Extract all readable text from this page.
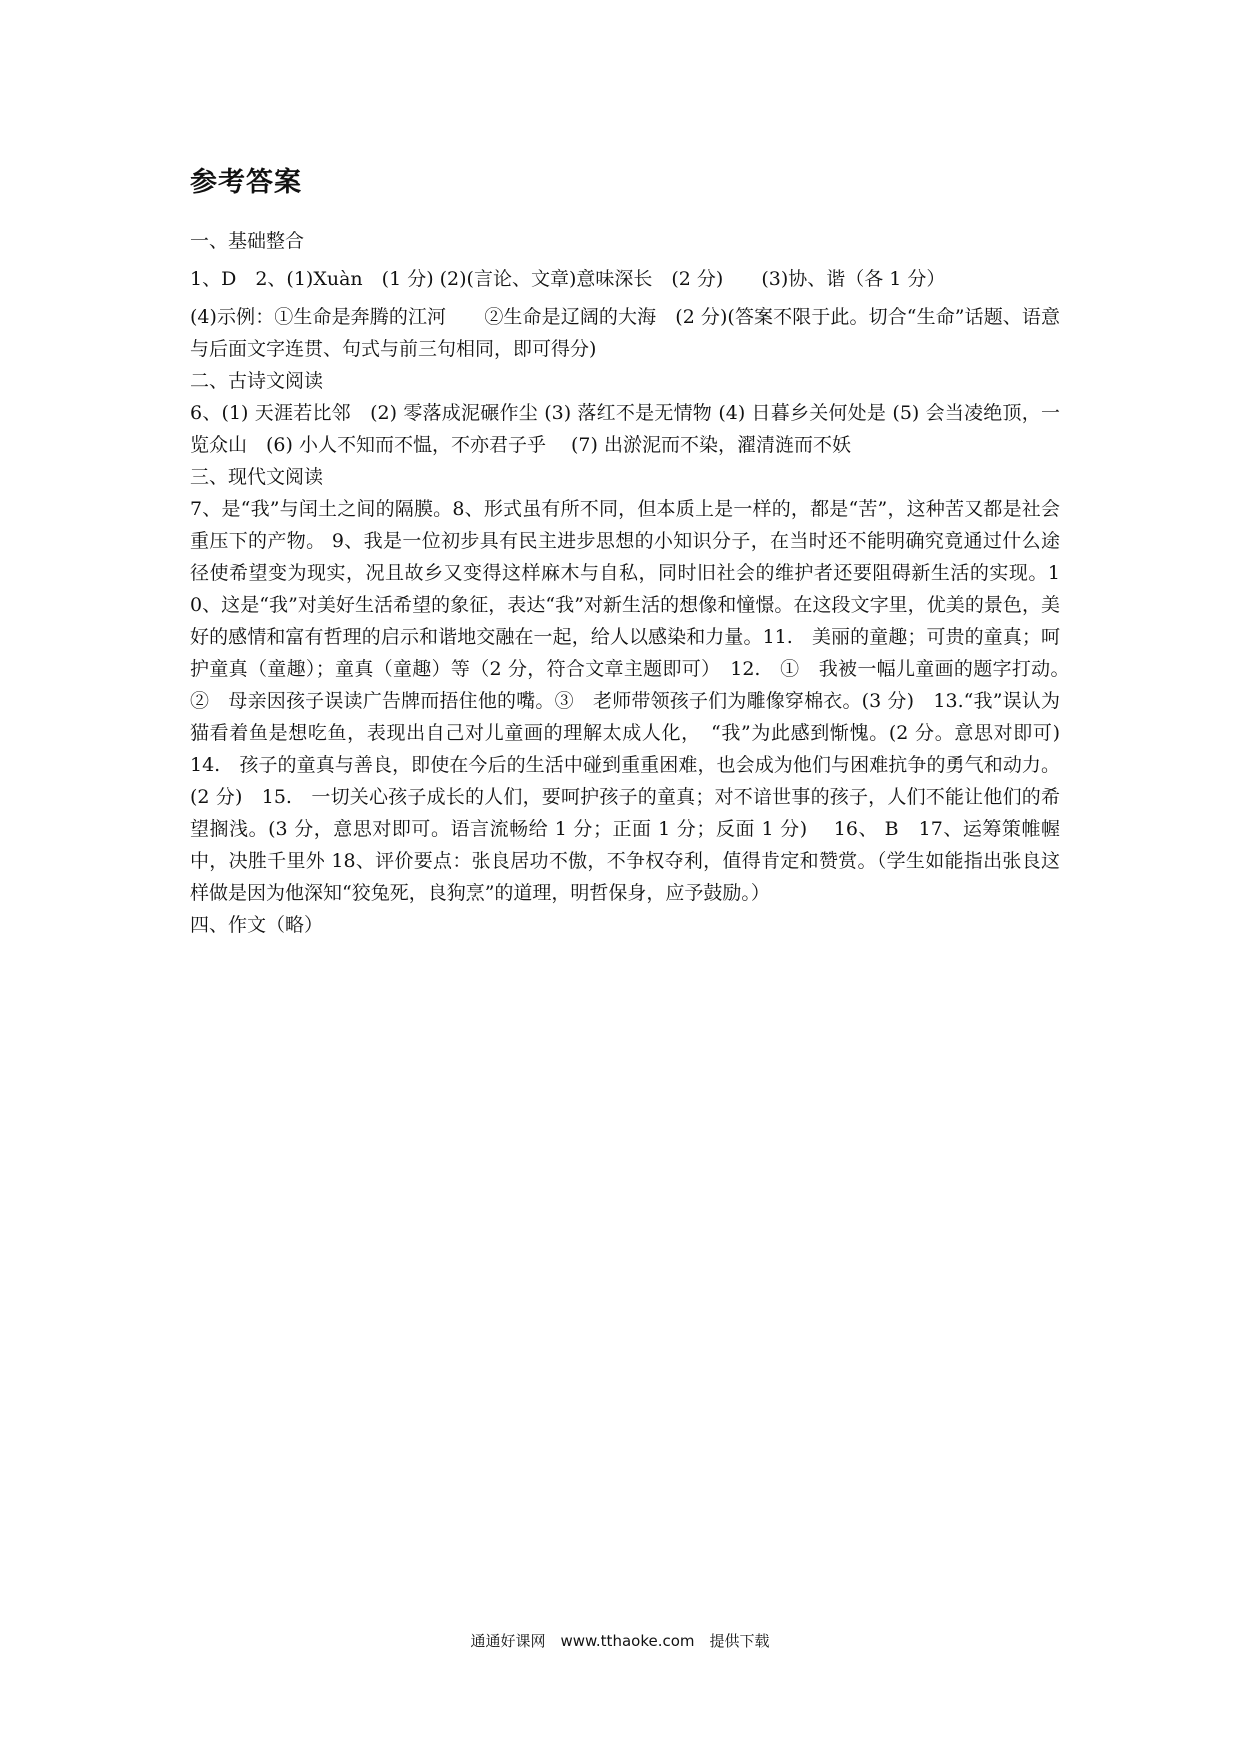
参考答案
一、基础整合

1、D　2、(1)Xuàn　(1 分) (2)(言论、文章)意味深长　(2 分)　　(3)协、谐（各 1 分）

(4)示例：①生命是奔腾的江河　　②生命是辽阔的大海　(2 分)(答案不限于此。切合“生命”话题、语意与后面文字连贯、句式与前三句相同，即可得分)

二、古诗文阅读

6、(1) 天涯若比邻　(2) 零落成泥碾作尘 (3) 落红不是无情物 (4) 日暮乡关何处是 (5) 会当凌绝顶，一览众山　(6) 小人不知而不愠，不亦君子乎　 (7) 出淤泥而不染，濯清涟而不妖

三、现代文阅读

7、是“我”与闰土之间的隔膜。8、形式虽有所不同，但本质上是一样的，都是“苦”，这种苦又都是社会重压下的产物。 9、我是一位初步具有民主进步思想的小知识分子，在当时还不能明确究竟通过什么途径使希望变为现实，况且故乡又变得这样麻木与自私，同时旧社会的维护者还要阻碍新生活的实现。10、这是“我”对美好生活希望的象征，表达“我”对新生活的想像和憧憬。在这段文字里，优美的景色，美好的感情和富有哲理的启示和谐地交融在一起，给人以感染和力量。11.　美丽的童趣；可贵的童真；呵护童真（童趣）；童真（童趣）等（2 分，符合文章主题即可）　12.　①　我被一幅儿童画的题字打动。　②　母亲因孩子误读广告牌而捂住他的嘴。③　老师带领孩子们为雕像穿棉衣。(3 分)　13.“我”误认为猫看着鱼是想吃鱼，表现出自己对儿童画的理解太成人化，　“我”为此感到惭愧。(2 分。意思对即可)　14.　孩子的童真与善良，即使在今后的生活中碰到重重困难，也会成为他们与困难抗争的勇气和动力。(2 分)　15.　一切关心孩子成长的人们，要呵护孩子的童真；对不谙世事的孩子，人们不能让他们的希望搁浅。(3 分，意思对即可。语言流畅给 1 分；正面 1 分；反面 1 分)　 16、 B　17、运筹策帷幄中，决胜千里外 18、评价要点：张良居功不傲，不争权夺利，值得肯定和赞赏。（学生如能指出张良这样做是因为他深知“狡兔死，良狗烹”的道理，明哲保身，应予鼓励。）

四、作文（略）
通通好课网　www.tthaoke.com　提供下载
